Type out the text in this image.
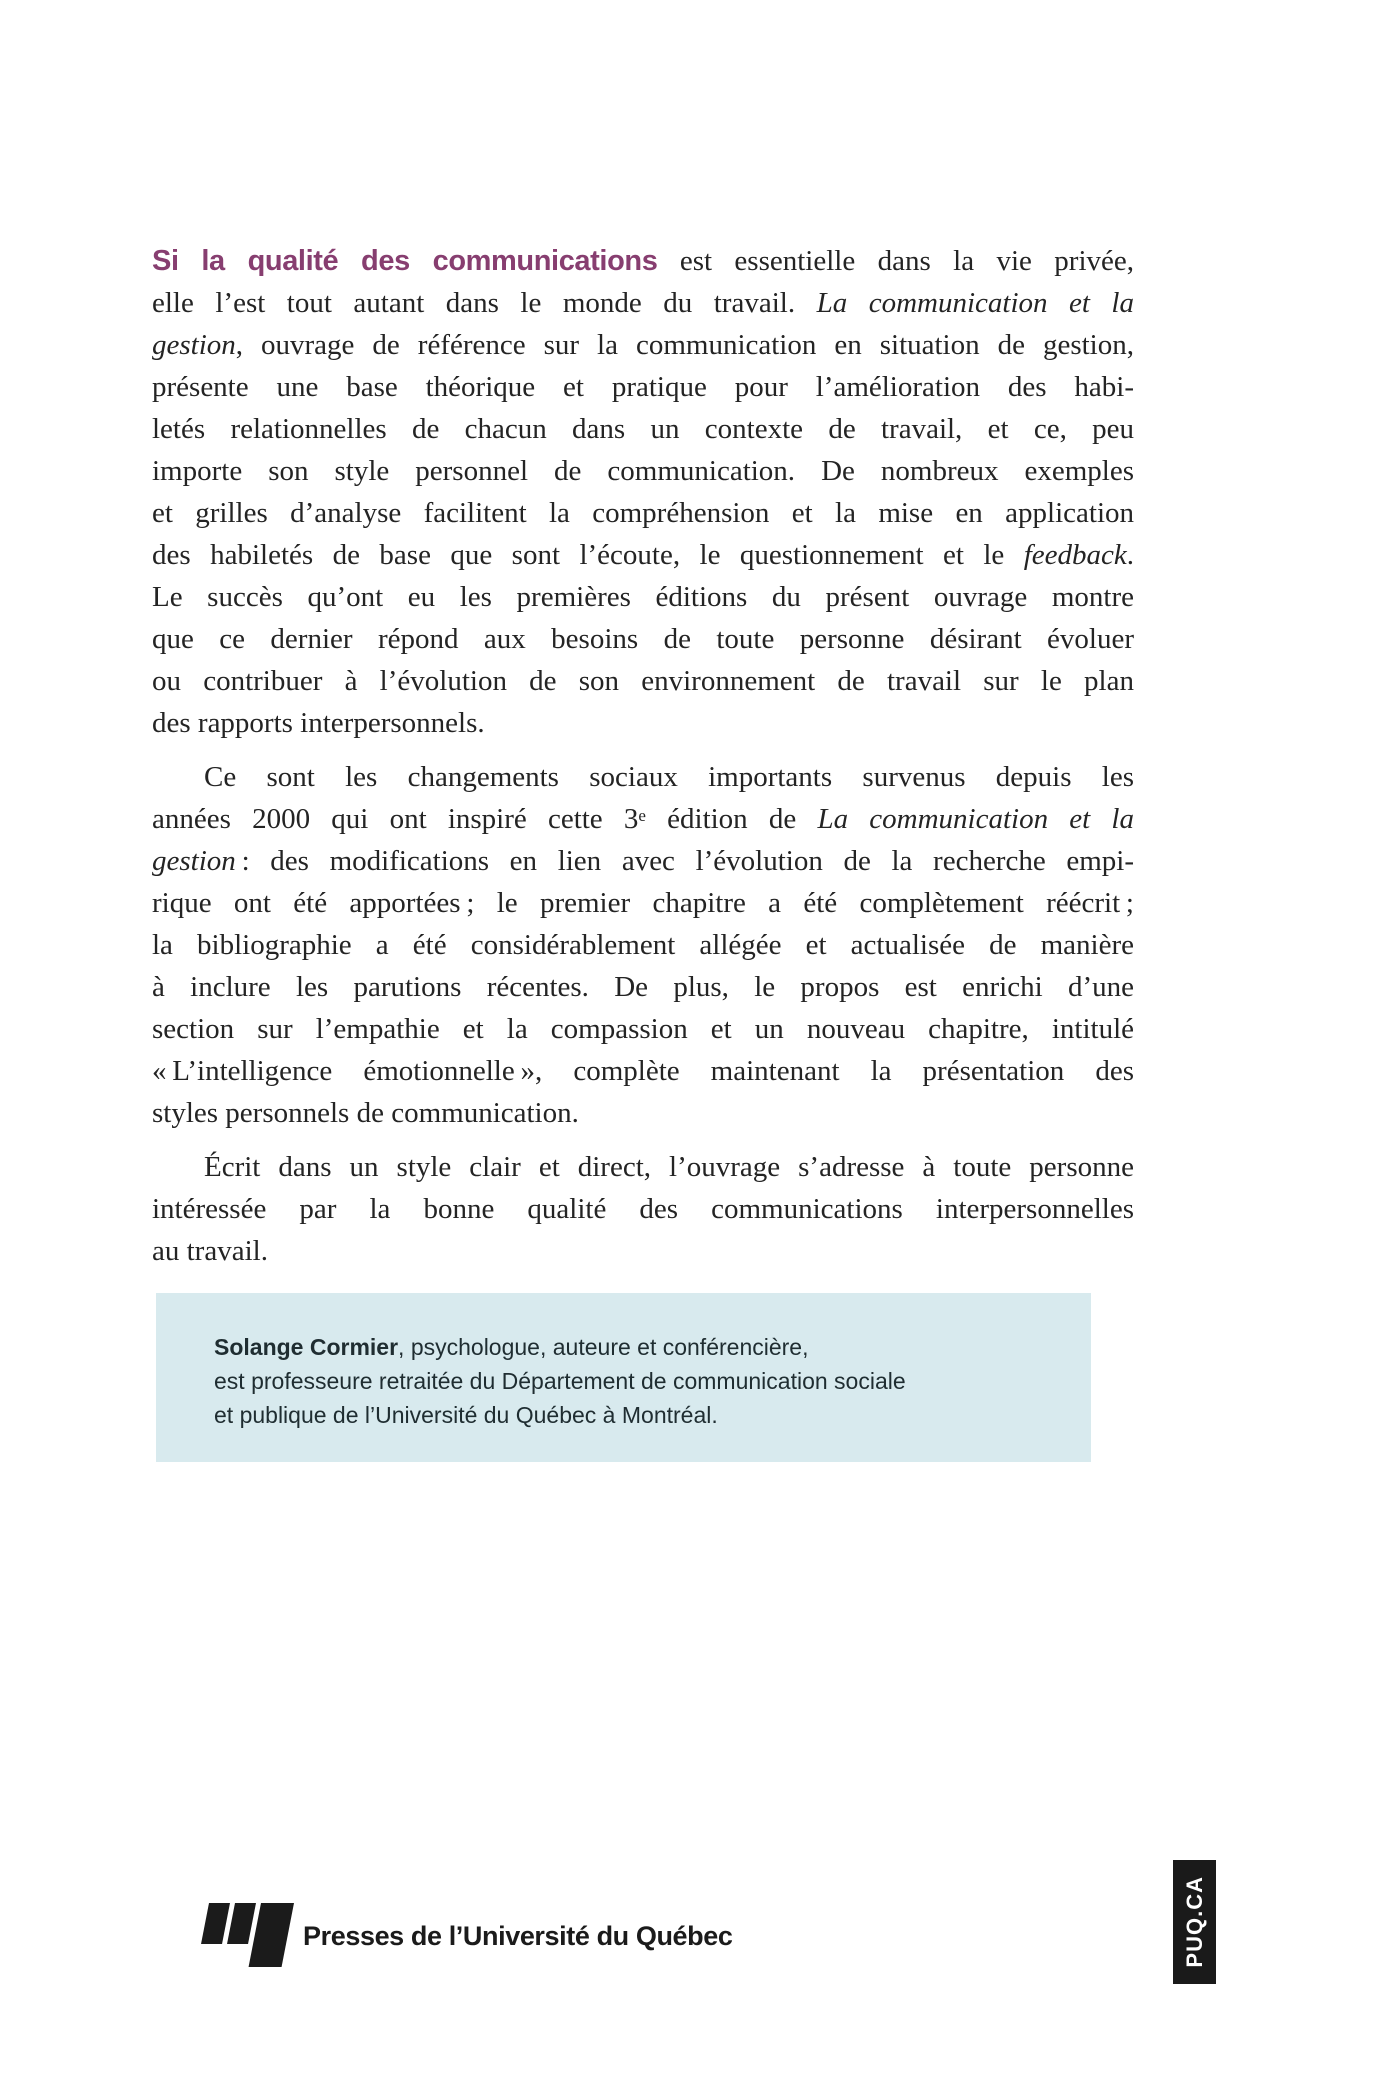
Si la qualité des communications est essentielle dans la vie privée,
elle l’est tout autant dans le monde du travail. La communication et la
gestion, ouvrage de référence sur la communication en situation de gestion,
présente une base théorique et pratique pour l’amélioration des habi-
letés relationnelles de chacun dans un contexte de travail, et ce, peu
importe son style personnel de communication. De nombreux exemples
et grilles d’analyse facilitent la compréhension et la mise en application
des habiletés de base que sont l’écoute, le questionnement et le feedback.
Le succès qu’ont eu les premières éditions du présent ouvrage montre
que ce dernier répond aux besoins de toute personne désirant évoluer
ou contribuer à l’évolution de son environnement de travail sur le plan
des rapports interpersonnels.
Ce sont les changements sociaux importants survenus depuis les
années 2000 qui ont inspiré cette 3e édition de La communication et la
gestion : des modifications en lien avec l’évolution de la recherche empi-
rique ont été apportées ; le premier chapitre a été complètement réécrit ;
la bibliographie a été considérablement allégée et actualisée de manière
à inclure les parutions récentes. De plus, le propos est enrichi d’une
section sur l’empathie et la compassion et un nouveau chapitre, intitulé
« L’intelligence émotionnelle », complète maintenant la présentation des
styles personnels de communication.
Écrit dans un style clair et direct, l’ouvrage s’adresse à toute personne
intéressée par la bonne qualité des communications interpersonnelles
au travail.
Solange Cormier, psychologue, auteure et conférencière,
est professeure retraitée du Département de communication sociale
et publique de l’Université du Québec à Montréal.
Presses de l’Université du Québec	PUQ.CA
